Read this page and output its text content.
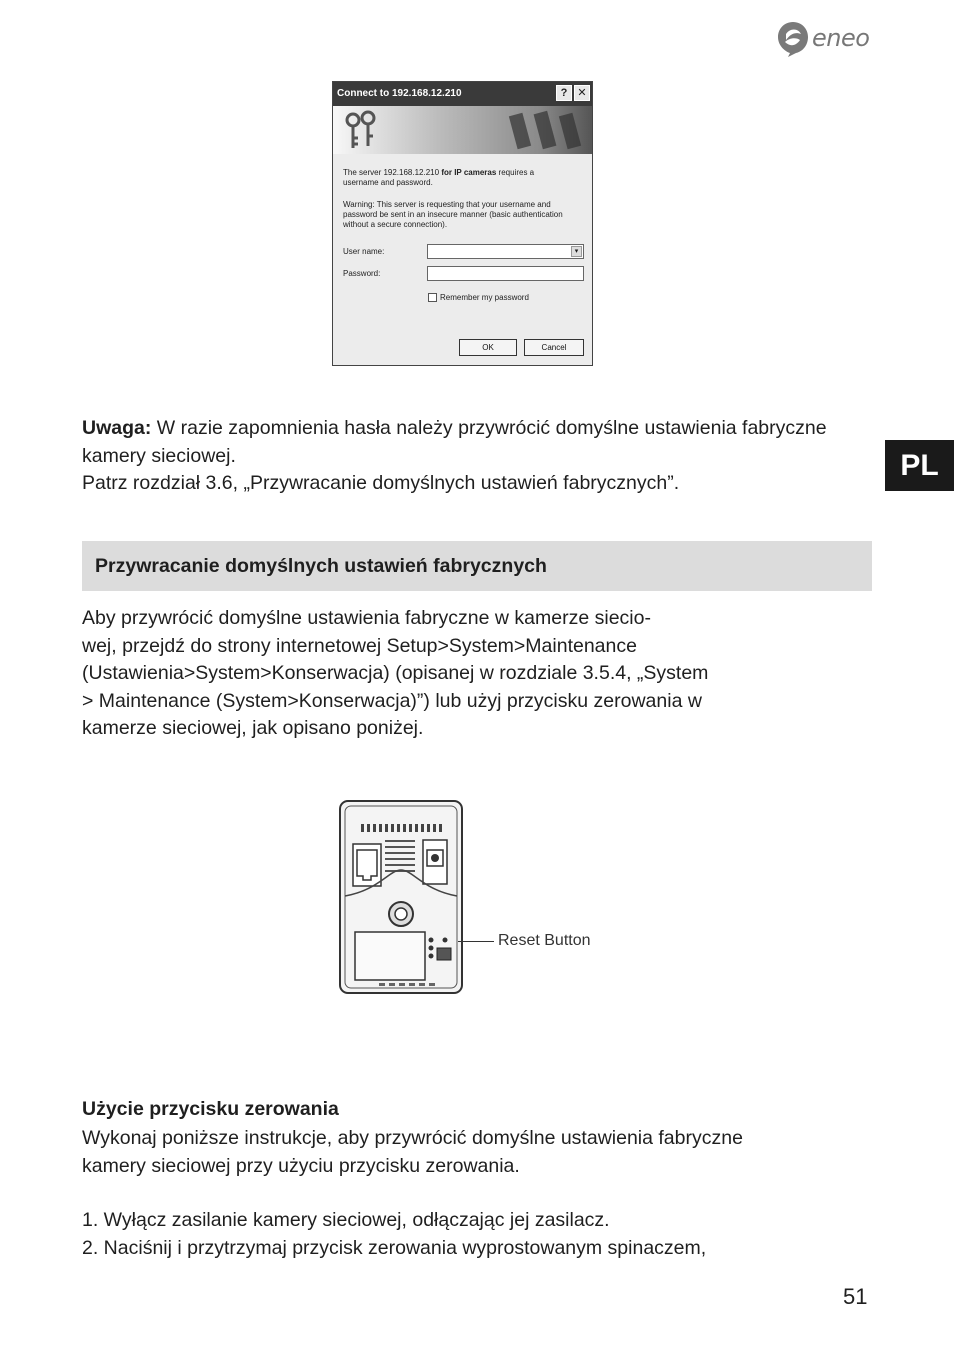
eneo
Connect to 192.168.12.210	? ✕
The server 192.168.12.210 for IP cameras requires a
username and password.
Warning: This server is requesting that your username and password be sent in an insecure manner (basic authentication without a secure connection).
User name:	▾
Password:
Remember my password
OK	Cancel
PL
Uwaga: W razie zapomnienia hasła należy przywrócić domyślne ustawienia fabryczne kamery sieciowej.
Patrz rozdział 3.6, „Przywracanie domyślnych ustawień fabrycznych”.
Przywracanie domyślnych ustawień fabrycznych
Aby przywrócić domyślne ustawienia fabryczne w kamerze siecio-
wej, przejdź do strony internetowej Setup>System>Maintenance
(Ustawienia>System>Konserwacja) (opisanej w rozdziale 3.5.4, „System
> Maintenance (System>Konserwacja)”) lub użyj przycisku zerowania w
kamerze sieciowej, jak opisano poniżej.
Reset Button
Użycie przycisku zerowania
Wykonaj poniższe instrukcje, aby przywrócić domyślne ustawienia fabryczne
kamery sieciowej przy użyciu przycisku zerowania.
1. Wyłącz zasilanie kamery sieciowej, odłączając jej zasilacz.
2. Naciśnij i przytrzymaj przycisk zerowania wyprostowanym spinaczem,
51
